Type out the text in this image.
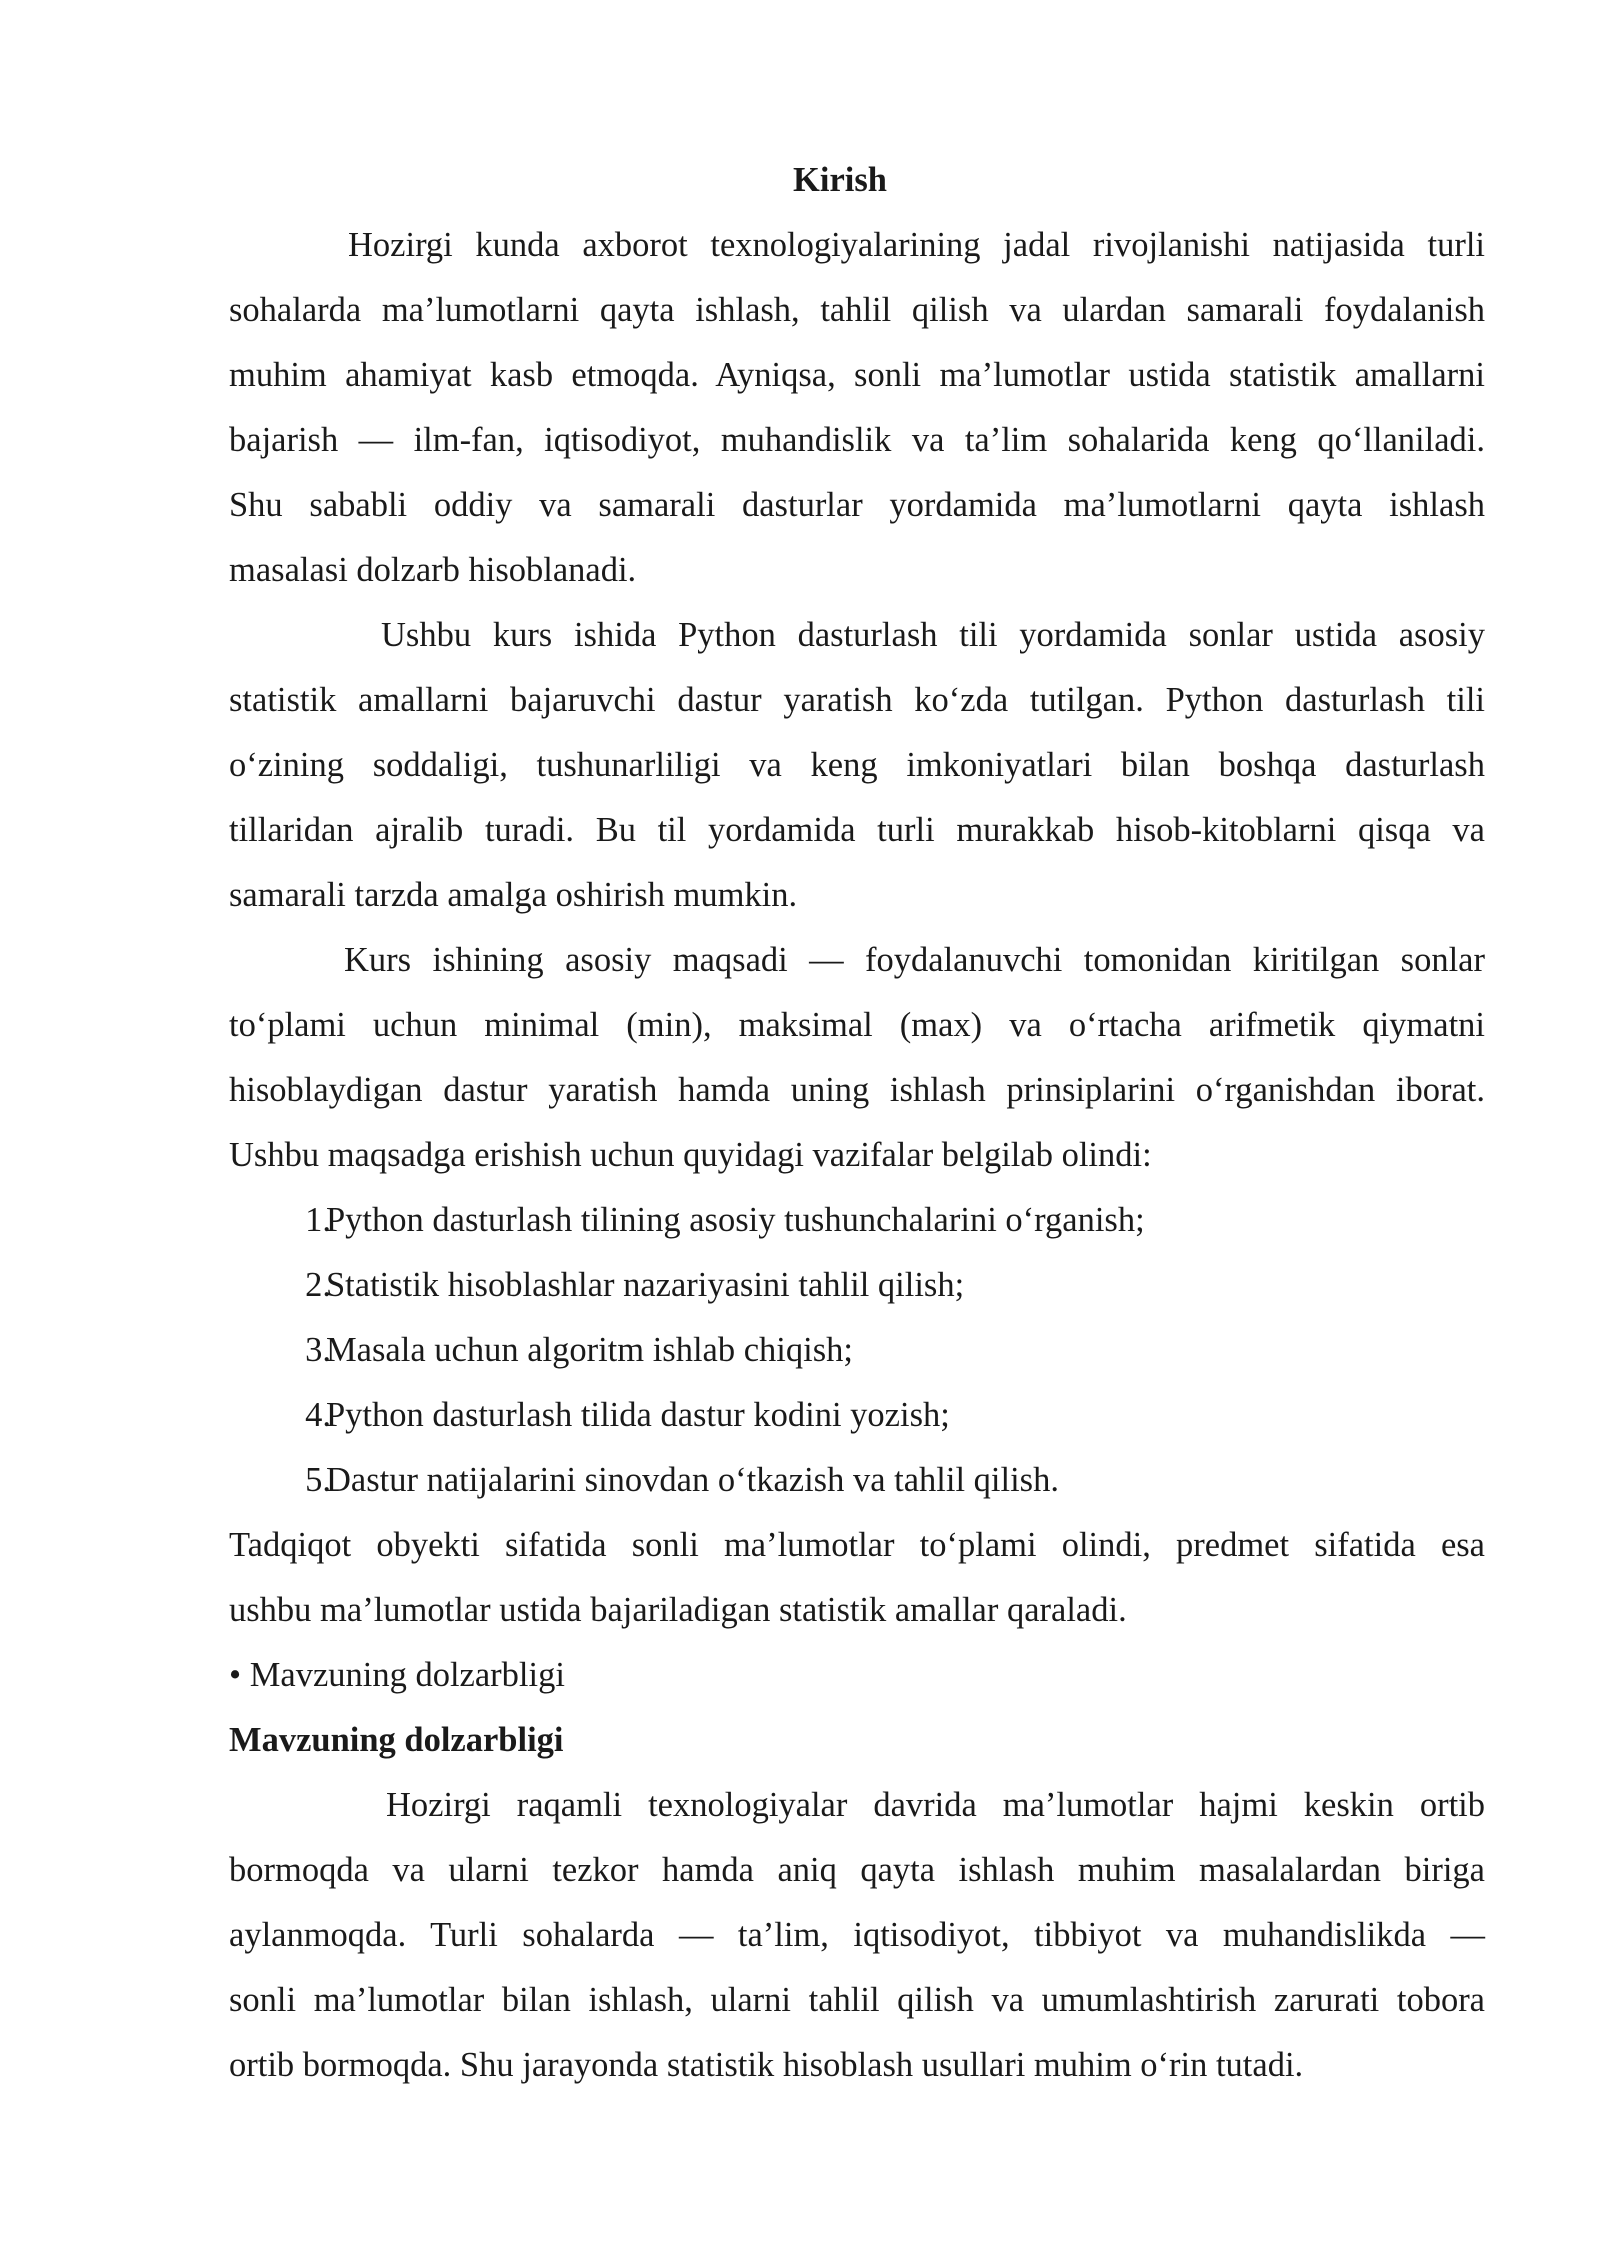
Kirish
Hozirgi kunda axborot texnologiyalarining jadal rivojlanishi natijasida turli
sohalarda ma’lumotlarni qayta ishlash, tahlil qilish va ulardan samarali foydalanish
muhim ahamiyat kasb etmoqda. Ayniqsa, sonli ma’lumotlar ustida statistik amallarni
bajarish — ilm-fan, iqtisodiyot, muhandislik va ta’lim sohalarida keng qo‘llaniladi.
Shu sababli oddiy va samarali dasturlar yordamida ma’lumotlarni qayta ishlash
masalasi dolzarb hisoblanadi.
Ushbu kurs ishida Python dasturlash tili yordamida sonlar ustida asosiy
statistik amallarni bajaruvchi dastur yaratish ko‘zda tutilgan. Python dasturlash tili
o‘zining soddaligi, tushunarliligi va keng imkoniyatlari bilan boshqa dasturlash
tillaridan ajralib turadi. Bu til yordamida turli murakkab hisob-kitoblarni qisqa va
samarali tarzda amalga oshirish mumkin.
Kurs ishining asosiy maqsadi — foydalanuvchi tomonidan kiritilgan sonlar
to‘plami uchun minimal (min), maksimal (max) va o‘rtacha arifmetik qiymatni
hisoblaydigan dastur yaratish hamda uning ishlash prinsiplarini o‘rganishdan iborat.
Ushbu maqsadga erishish uchun quyidagi vazifalar belgilab olindi:
1.
Python dasturlash tilining asosiy tushunchalarini o‘rganish;
2.
Statistik hisoblashlar nazariyasini tahlil qilish;
3.
Masala uchun algoritm ishlab chiqish;
4.
Python dasturlash tilida dastur kodini yozish;
5.
Dastur natijalarini sinovdan o‘tkazish va tahlil qilish.
Tadqiqot obyekti sifatida sonli ma’lumotlar to‘plami olindi, predmet sifatida esa
ushbu ma’lumotlar ustida bajariladigan statistik amallar qaraladi.
• Mavzuning dolzarbligi
Mavzuning dolzarbligi
Hozirgi raqamli texnologiyalar davrida ma’lumotlar hajmi keskin ortib
bormoqda va ularni tezkor hamda aniq qayta ishlash muhim masalalardan biriga
aylanmoqda. Turli sohalarda — ta’lim, iqtisodiyot, tibbiyot va muhandislikda —
sonli ma’lumotlar bilan ishlash, ularni tahlil qilish va umumlashtirish zarurati tobora
ortib bormoqda. Shu jarayonda statistik hisoblash usullari muhim o‘rin tutadi.
